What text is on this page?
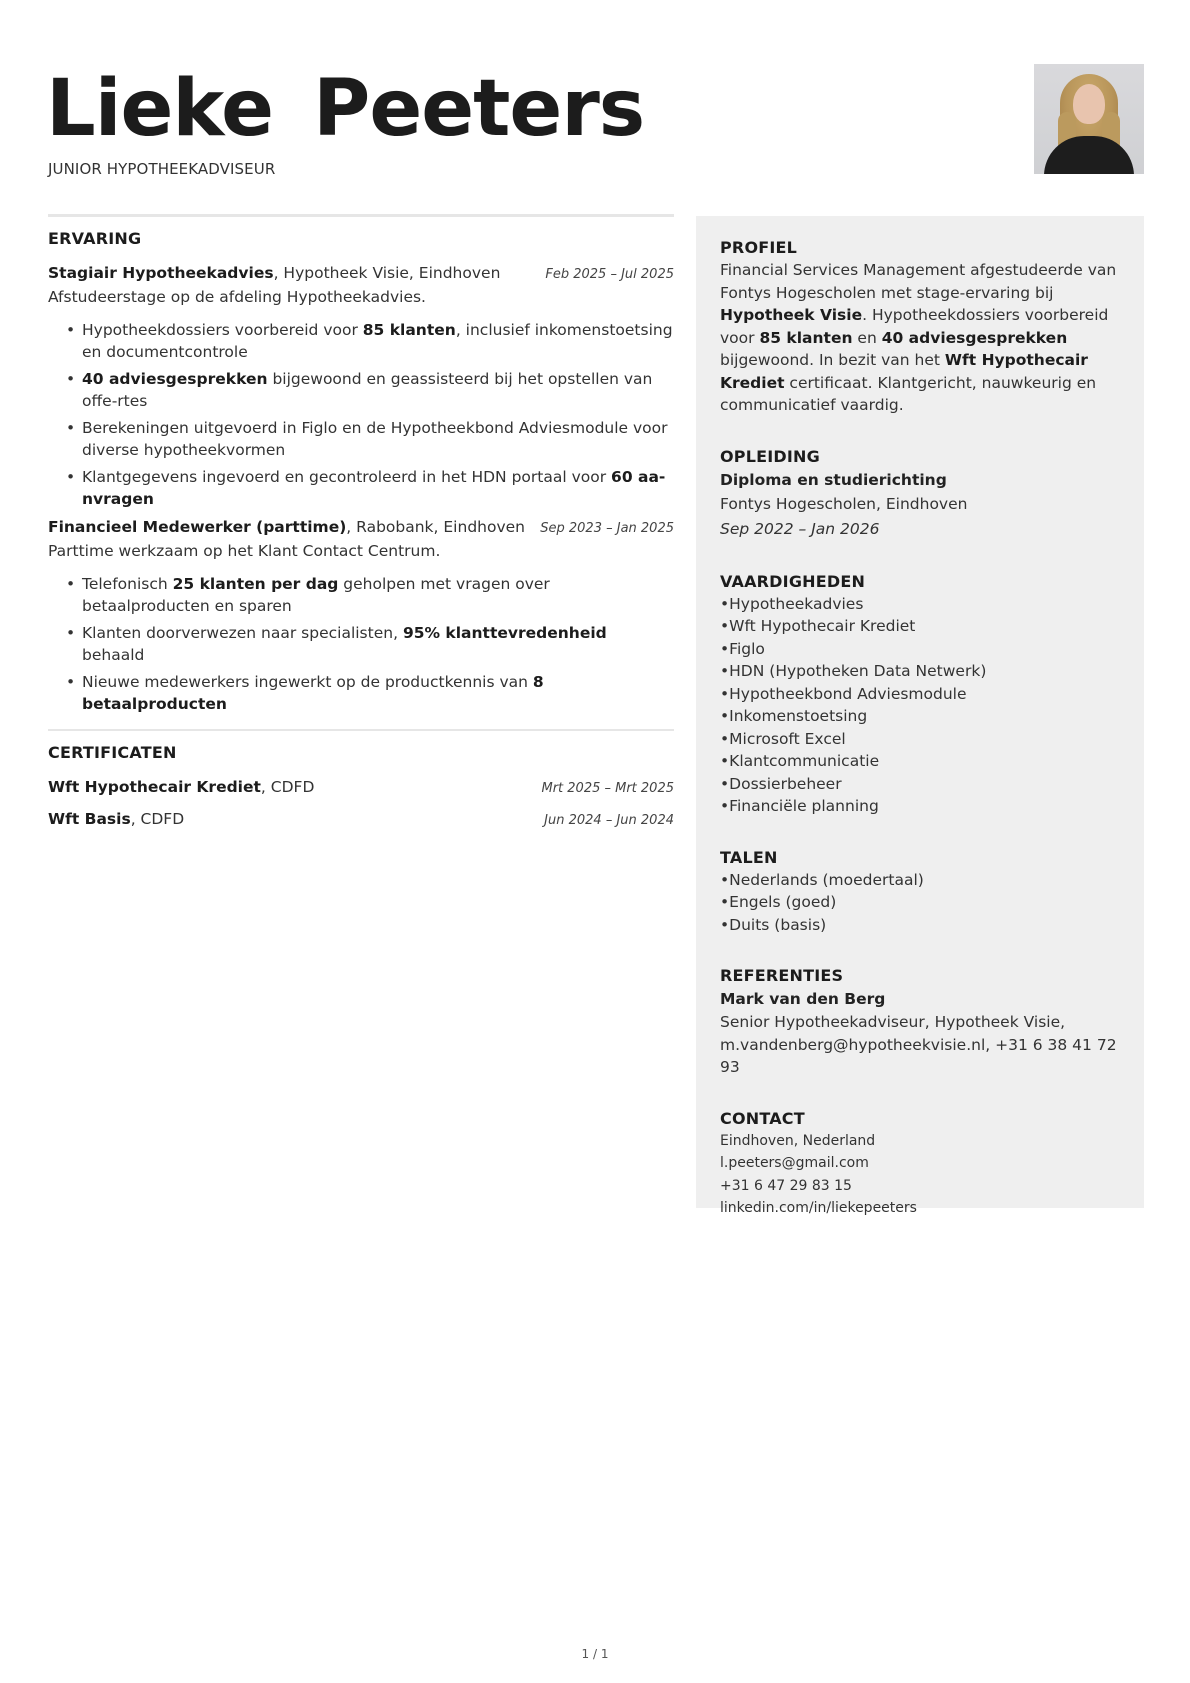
Lieke Peeters
JUNIOR HYPOTHEEKADVISEUR
ERVARING
Stagiair Hypotheekadvies, Hypotheek Visie, Eindhoven	Feb 2025 – Jul 2025
Afstudeerstage op de afdeling Hypotheekadvies.
• Hypotheekdossiers voorbereid voor 85 klanten, inclusief inkomenstoetsing en documentcontrole
• 40 adviesgesprekken bijgewoond en geassisteerd bij het opstellen van offe-rtes
• Berekeningen uitgevoerd in Figlo en de Hypotheekbond Adviesmodule voor diverse hypotheekvormen
• Klantgegevens ingevoerd en gecontroleerd in het HDN portaal voor 60 aa-nvragen
Financieel Medewerker (parttime), Rabobank, Eindhoven Sep 2023 – Jan 2025
Parttime werkzaam op het Klant Contact Centrum.
• Telefonisch 25 klanten per dag geholpen met vragen over betaalproducten en sparen
• Klanten doorverwezen naar specialisten, 95% klanttevredenheid behaald
• Nieuwe medewerkers ingewerkt op de productkennis van 8 betaalproducten
CERTIFICATEN
Wft Hypothecair Krediet, CDFD	Mrt 2025 – Mrt 2025
Wft Basis, CDFD	Jun 2024 – Jun 2024
PROFIEL
Financial Services Management afgestudeerde van Fontys Hogescholen met stage-ervaring bij Hypotheek Visie. Hypotheekdossiers voorbereid voor 85 klanten en 40 adviesgesprekken bijgewoond. In bezit van het Wft Hypothecair Krediet certificaat. Klantgericht, nauwkeurig en communicatief vaardig.
OPLEIDING
Diploma en studierichting
Fontys Hogescholen, Eindhoven
Sep 2022 – Jan 2026
VAARDIGHEDEN
• Hypotheekadvies
• Wft Hypothecair Krediet
• Figlo
• HDN (Hypotheken Data Netwerk)
• Hypotheekbond Adviesmodule
• Inkomenstoetsing
• Microsoft Excel
• Klantcommunicatie
• Dossierbeheer
• Financiële planning
TALEN
• Nederlands (moedertaal)
• Engels (goed)
• Duits (basis)
REFERENTIES
Mark van den Berg
Senior Hypotheekadviseur, Hypotheek Visie, m.vandenberg@hypotheekvisie.nl, +31 6 38 41 72 93
CONTACT
Eindhoven, Nederland
l.peeters@gmail.com
+31 6 47 29 83 15
linkedin.com/in/liekepeeters
1 / 1
